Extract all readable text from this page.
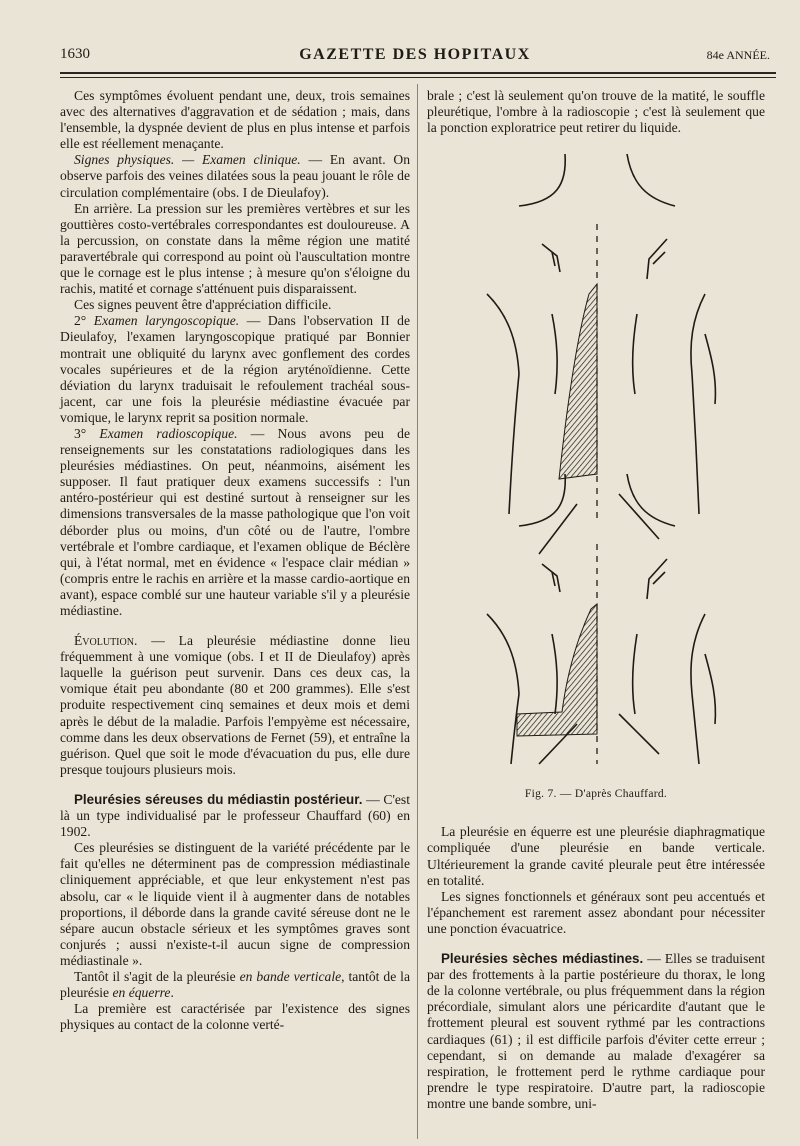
1630	GAZETTE DES HOPITAUX	84e ANNÉE.

Ces symptômes évoluent pendant une, deux, trois semaines avec des alternatives d'aggravation et de sédation ; mais, dans l'ensemble, la dyspnée devient de plus en plus intense et parfois elle est réellement menaçante.

Signes physiques. — Examen clinique. — En avant. On observe parfois des veines dilatées sous la peau jouant le rôle de circulation complémentaire (obs. I de Dieulafoy).

En arrière. La pression sur les premières vertèbres et sur les gouttières costo-vertébrales correspondantes est douloureuse. A la percussion, on constate dans la même région une matité paravertébrale qui correspond au point où l'auscultation montre que le cornage est le plus intense ; à mesure qu'on s'éloigne du rachis, matité et cornage s'atténuent puis disparaissent.

Ces signes peuvent être d'appréciation difficile.

2° Examen laryngoscopique. — Dans l'observation II de Dieulafoy, l'examen laryngoscopique pratiqué par Bonnier montrait une obliquité du larynx avec gonflement des cordes vocales supérieures et de la région aryténoïdienne. Cette déviation du larynx traduisait le refoulement trachéal sous-jacent, car une fois la pleurésie médiastine évacuée par vomique, le larynx reprit sa position normale.

3° Examen radioscopique. — Nous avons peu de renseignements sur les constatations radiologiques dans les pleurésies médiastines. On peut, néanmoins, aisément les supposer. Il faut pratiquer deux examens successifs : l'un antéro-postérieur qui est destiné surtout à renseigner sur les dimensions transversales de la masse pathologique que l'on voit déborder plus ou moins, d'un côté ou de l'autre, l'ombre vertébrale et l'ombre cardiaque, et l'examen oblique de Béclère qui, à l'état normal, met en évidence « l'espace clair médian » (compris entre le rachis en arrière et la masse cardio-aortique en avant), espace comblé sur une hauteur variable s'il y a pleurésie médiastine.

Évolution. — La pleurésie médiastine donne lieu fréquemment à une vomique (obs. I et II de Dieulafoy) après laquelle la guérison peut survenir. Dans ces deux cas, la vomique était peu abondante (80 et 200 grammes). Elle s'est produite respectivement cinq semaines et deux mois et demi après le début de la maladie. Parfois l'empyème est nécessaire, comme dans les deux observations de Fernet (59), et entraîne la guérison. Quel que soit le mode d'évacuation du pus, elle dure presque toujours plusieurs mois.

Pleurésies séreuses du médiastin postérieur. — C'est là un type individualisé par le professeur Chauffard (60) en 1902.

Ces pleurésies se distinguent de la variété précédente par le fait qu'elles ne déterminent pas de compression médiastinale cliniquement appréciable, et que leur enkystement n'est pas absolu, car « le liquide vient il à augmenter dans de notables proportions, il déborde dans la grande cavité séreuse dont ne le sépare aucun obstacle sérieux et les symptômes graves sont conjurés ; aussi n'existe-t-il aucun signe de compression médiastinale ».

Tantôt il s'agit de la pleurésie en bande verticale, tantôt de la pleurésie en équerre.

La première est caractérisée par l'existence des signes physiques au contact de la colonne verté-

brale ; c'est là seulement qu'on trouve de la matité, le souffle pleurétique, l'ombre à la radioscopie ; c'est là seulement que la ponction exploratrice peut retirer du liquide.

Fig. 7. — D'après Chauffard.

La pleurésie en équerre est une pleurésie diaphragmatique compliquée d'une pleurésie en bande verticale. Ultérieurement la grande cavité pleurale peut être intéressée en totalité.

Les signes fonctionnels et généraux sont peu accentués et l'épanchement est rarement assez abondant pour nécessiter une ponction évacuatrice.

Pleurésies sèches médiastines. — Elles se traduisent par des frottements à la partie postérieure du thorax, le long de la colonne vertébrale, ou plus fréquemment dans la région précordiale, simulant alors une péricardite d'autant que le frottement pleural est souvent rythmé par les contractions cardiaques (61) ; il est difficile parfois d'éviter cette erreur ; cependant, si on demande au malade d'exagérer sa respiration, le frottement perd le rythme cardiaque pour prendre le type respiratoire. D'autre part, la radioscopie montre une bande sombre, uni-
